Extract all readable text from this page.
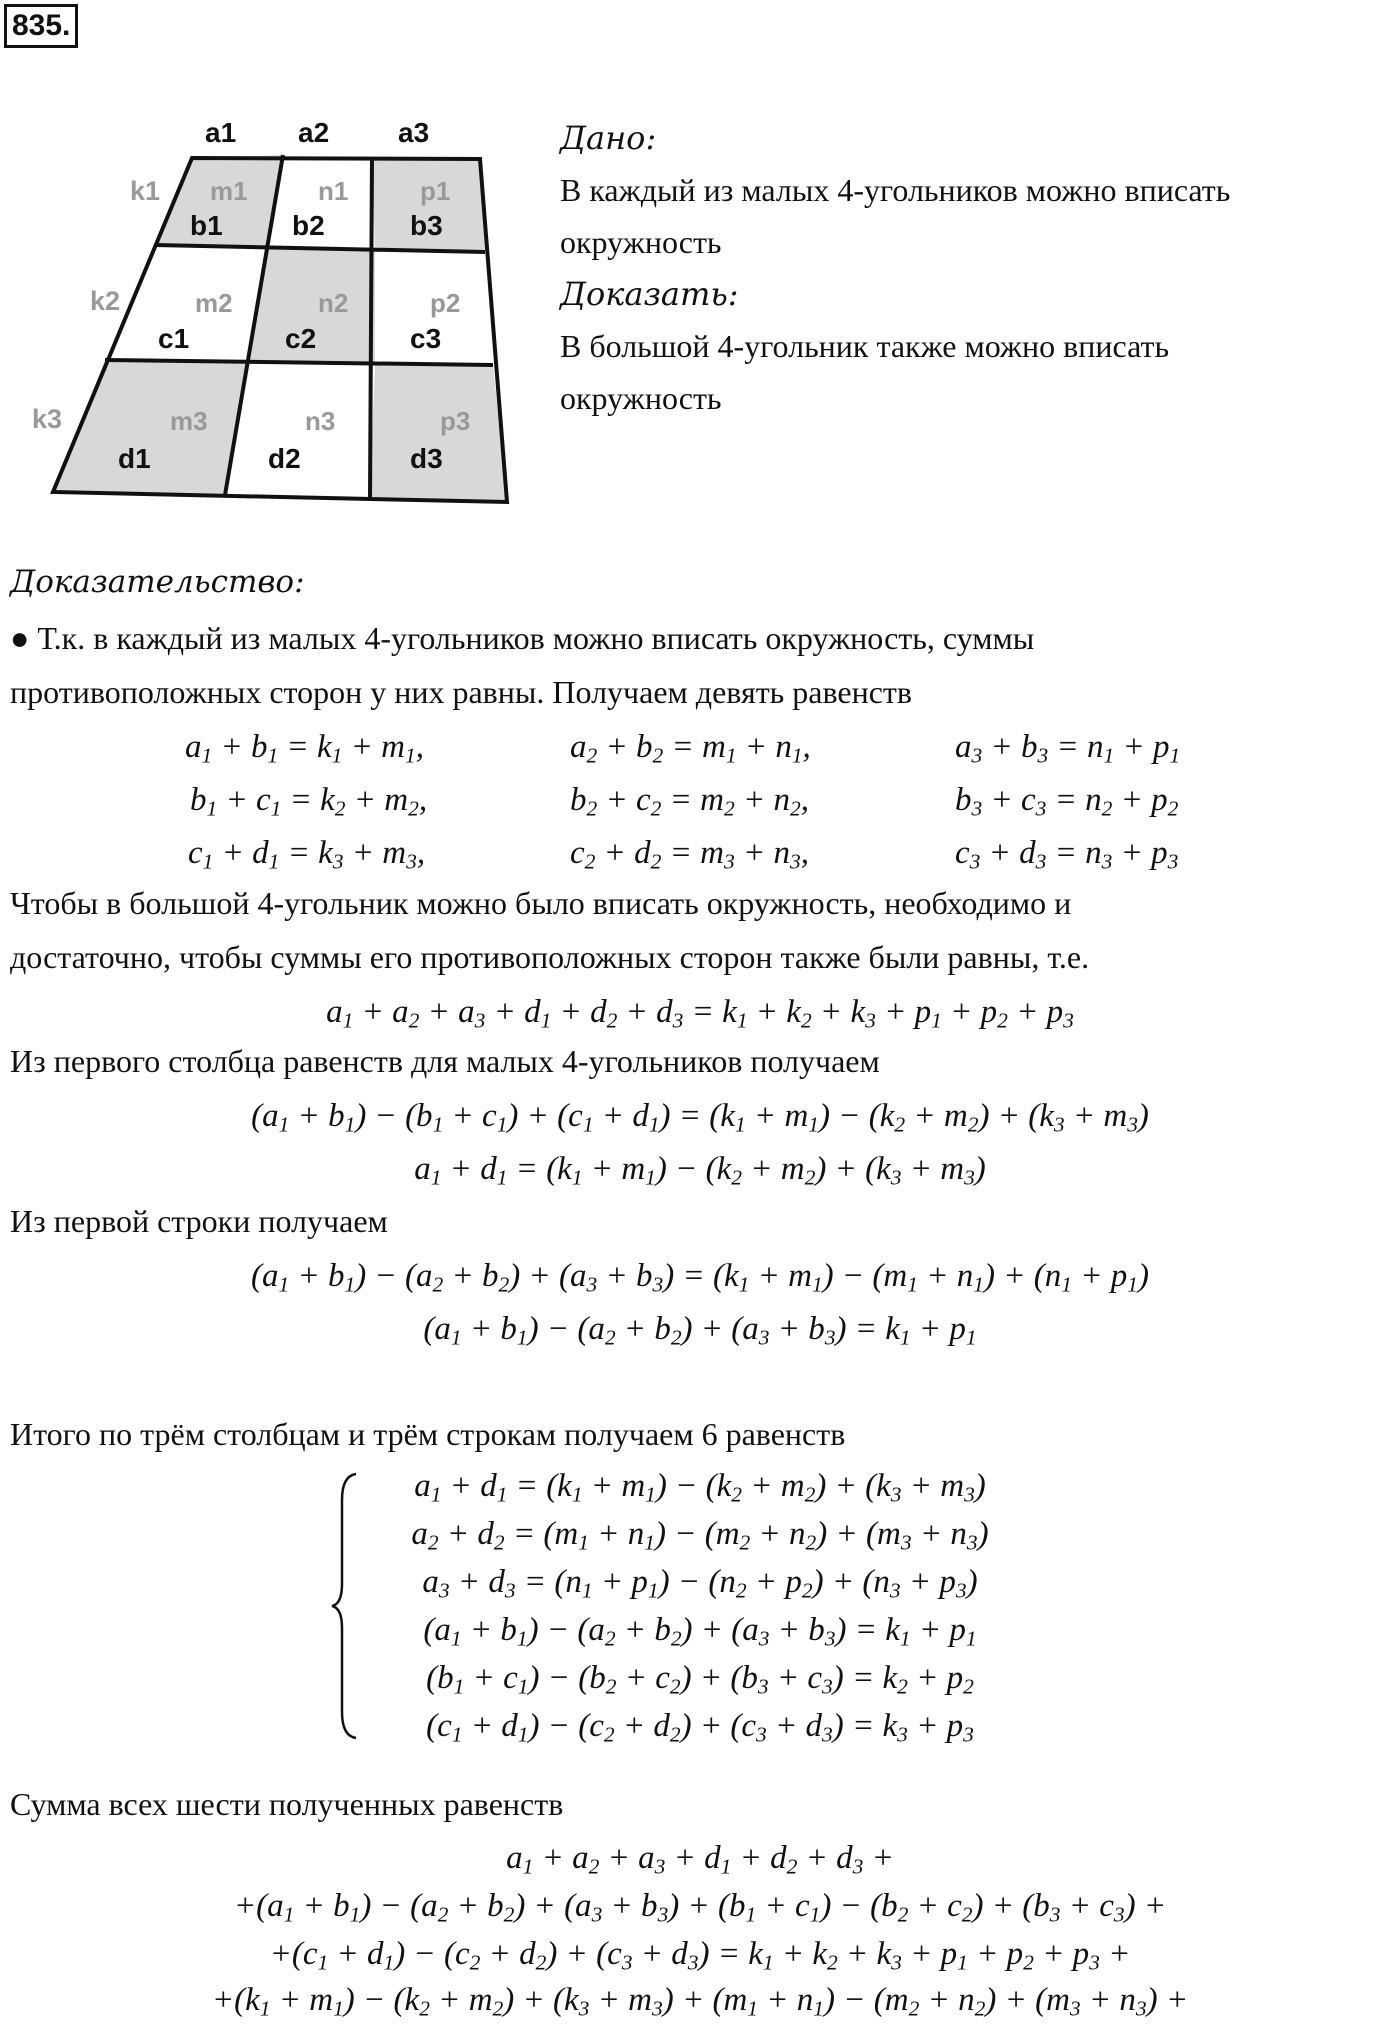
835.
a1 a2 a3
k1
k2
k3
m1
b1
n1
b2
p1
b3
m2
c1
n2
c2
p2
c3
m3
d1
n3
d2
p3
d3
Дано:
В каждый из малых 4-угольников можно вписать
окружность
Доказать:
В большой 4-угольник также можно вписать
окружность
Доказательство:
● Т.к. в каждый из малых 4-угольников можно вписать окружность, суммы
противоположных сторон у них равны. Получаем девять равенств
$a_1 + b_1 = k_1 + m_1$,	$a_2 + b_2 = m_1 + n_1$,	$a_3 + b_3 = n_1 + p_1$
$b_1 + c_1 = k_2 + m_2$,	$b_2 + c_2 = m_2 + n_2$,	$b_3 + c_3 = n_2 + p_2$
$c_1 + d_1 = k_3 + m_3$,	$c_2 + d_2 = m_3 + n_3$,	$c_3 + d_3 = n_3 + p_3$
Чтобы в большой 4-угольник можно было вписать окружность, необходимо и
достаточно, чтобы суммы его противоположных сторон также были равны, т.е.
$a_1 + a_2 + a_3 + d_1 + d_2 + d_3 = k_1 + k_2 + k_3 + p_1 + p_2 + p_3$
Из первого столбца равенств для малых 4-угольников получаем
$(a_1 + b_1) - (b_1 + c_1) + (c_1 + d_1) = (k_1 + m_1) - (k_2 + m_2) + (k_3 + m_3)$
$a_1 + d_1 = (k_1 + m_1) - (k_2 + m_2) + (k_3 + m_3)$
Из первой строки получаем
$(a_1 + b_1) - (a_2 + b_2) + (a_3 + b_3) = (k_1 + m_1) - (m_1 + n_1) + (n_1 + p_1)$
$(a_1 + b_1) - (a_2 + b_2) + (a_3 + b_3) = k_1 + p_1$
Итого по трём столбцам и трём строкам получаем 6 равенств
$a_1 + d_1 = (k_1 + m_1) - (k_2 + m_2) + (k_3 + m_3)$
$a_2 + d_2 = (m_1 + n_1) - (m_2 + n_2) + (m_3 + n_3)$
$a_3 + d_3 = (n_1 + p_1) - (n_2 + p_2) + (n_3 + p_3)$
$(a_1 + b_1) - (a_2 + b_2) + (a_3 + b_3) = k_1 + p_1$
$(b_1 + c_1) - (b_2 + c_2) + (b_3 + c_3) = k_2 + p_2$
$(c_1 + d_1) - (c_2 + d_2) + (c_3 + d_3) = k_3 + p_3$
Сумма всех шести полученных равенств
$a_1 + a_2 + a_3 + d_1 + d_2 + d_3$ +
$+(a_1 + b_1) - (a_2 + b_2) + (a_3 + b_3) + (b_1 + c_1) - (b_2 + c_2) + (b_3 + c_3)$ +
$+(c_1 + d_1) - (c_2 + d_2) + (c_3 + d_3) = k_1 + k_2 + k_3 + p_1 + p_2 + p_3$ +
$+(k_1 + m_1) - (k_2 + m_2) + (k_3 + m_3) + (m_1 + n_1) - (m_2 + n_2) + (m_3 + n_3)$ +
